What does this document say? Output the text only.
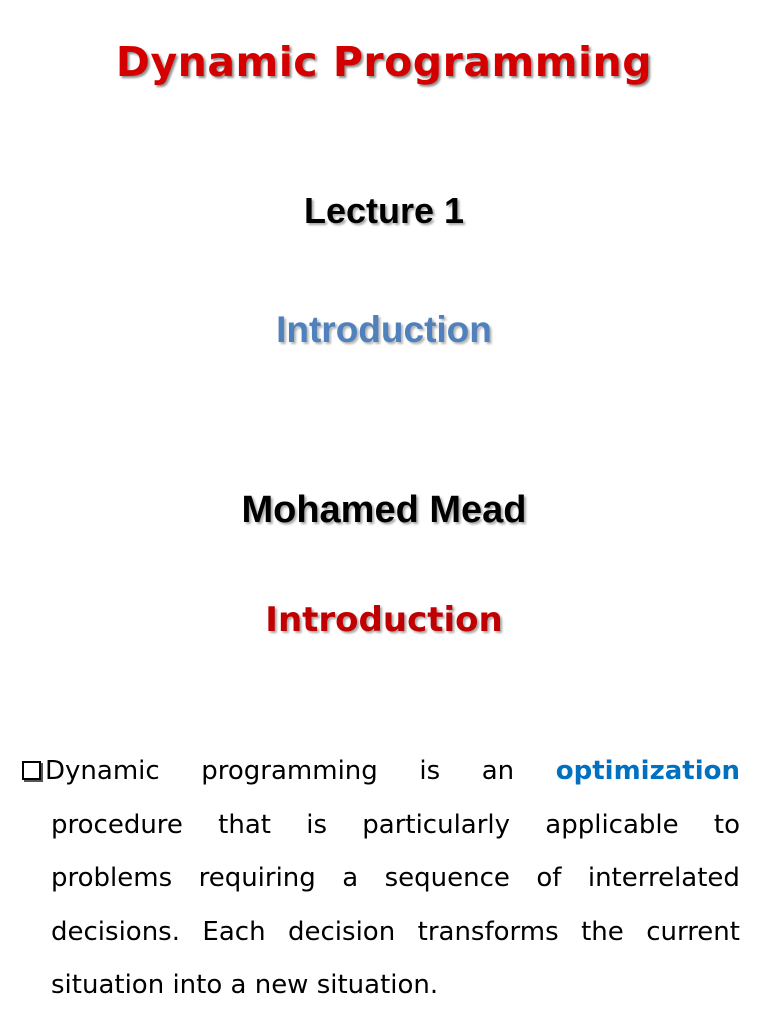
Dynamic Programming
Lecture 1
Introduction
Mohamed Mead
Introduction
Dynamic programming is an optimization
procedure that is particularly applicable to
problems requiring a sequence of interrelated
decisions. Each decision transforms the current
situation into a new situation.
